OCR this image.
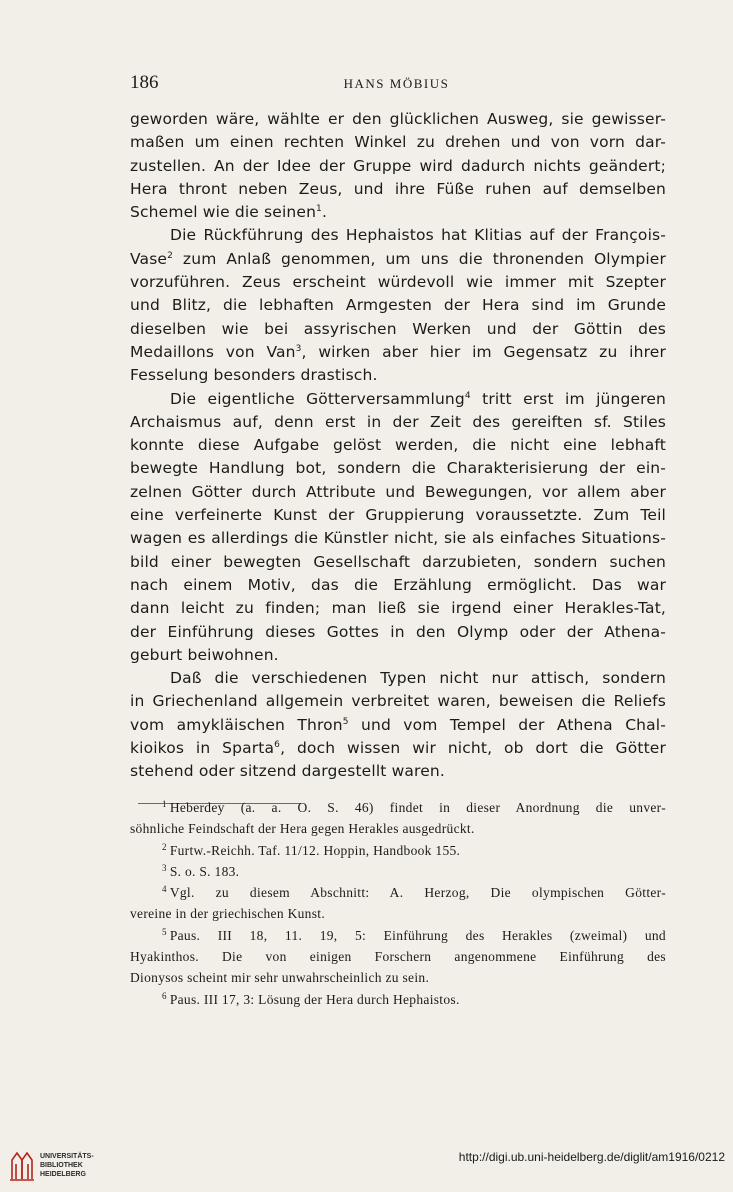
186	HANS MÖBIUS
geworden wäre, wählte er den glücklichen Ausweg, sie gewisser-
maßen um einen rechten Winkel zu drehen und von vorn dar-
zustellen. An der Idee der Gruppe wird dadurch nichts geändert;
Hera thront neben Zeus, und ihre Füße ruhen auf demselben
Schemel wie die seinen$^1$.
Die Rückführung des Hephaistos hat Klitias auf der François-
Vase$^2$ zum Anlaß genommen, um uns die thronenden Olympier
vorzuführen. Zeus erscheint würdevoll wie immer mit Szepter
und Blitz, die lebhaften Armgesten der Hera sind im Grunde
dieselben wie bei assyrischen Werken und der Göttin des
Medaillons von Van$^3$, wirken aber hier im Gegensatz zu ihrer
Fesselung besonders drastisch.
Die eigentliche Götterversammlung$^4$ tritt erst im jüngeren
Archaismus auf, denn erst in der Zeit des gereiften sf. Stiles
konnte diese Aufgabe gelöst werden, die nicht eine lebhaft
bewegte Handlung bot, sondern die Charakterisierung der ein-
zelnen Götter durch Attribute und Bewegungen, vor allem aber
eine verfeinerte Kunst der Gruppierung voraussetzte. Zum Teil
wagen es allerdings die Künstler nicht, sie als einfaches Situations-
bild einer bewegten Gesellschaft darzubieten, sondern suchen
nach einem Motiv, das die Erzählung ermöglicht. Das war
dann leicht zu finden; man ließ sie irgend einer Herakles-Tat,
der Einführung dieses Gottes in den Olymp oder der Athena-
geburt beiwohnen.
Daß die verschiedenen Typen nicht nur attisch, sondern
in Griechenland allgemein verbreitet waren, beweisen die Reliefs
vom amykläischen Thron$^5$ und vom Tempel der Athena Chal-
kioikos in Sparta$^6$, doch wissen wir nicht, ob dort die Götter
stehend oder sitzend dargestellt waren.
$^1$ Heberdey (a. a. O. S. 46) findet in dieser Anordnung die unver-
söhnliche Feindschaft der Hera gegen Herakles ausgedrückt.
$^2$ Furtw.-Reichh. Taf. 11/12. Hoppin, Handbook 155.
$^3$ S. o. S. 183.
$^4$ Vgl. zu diesem Abschnitt: A. Herzog, Die olympischen Götter-
vereine in der griechischen Kunst.
$^5$ Paus. III 18, 11. 19, 5: Einführung des Herakles (zweimal) und
Hyakinthos. Die von einigen Forschern angenommene Einführung des
Dionysos scheint mir sehr unwahrscheinlich zu sein.
$^6$ Paus. III 17, 3: Lösung der Hera durch Hephaistos.
UNIVERSITÄTS-
BIBLIOTHEK
HEIDELBERG
http://digi.ub.uni-heidelberg.de/diglit/am1916/0212
